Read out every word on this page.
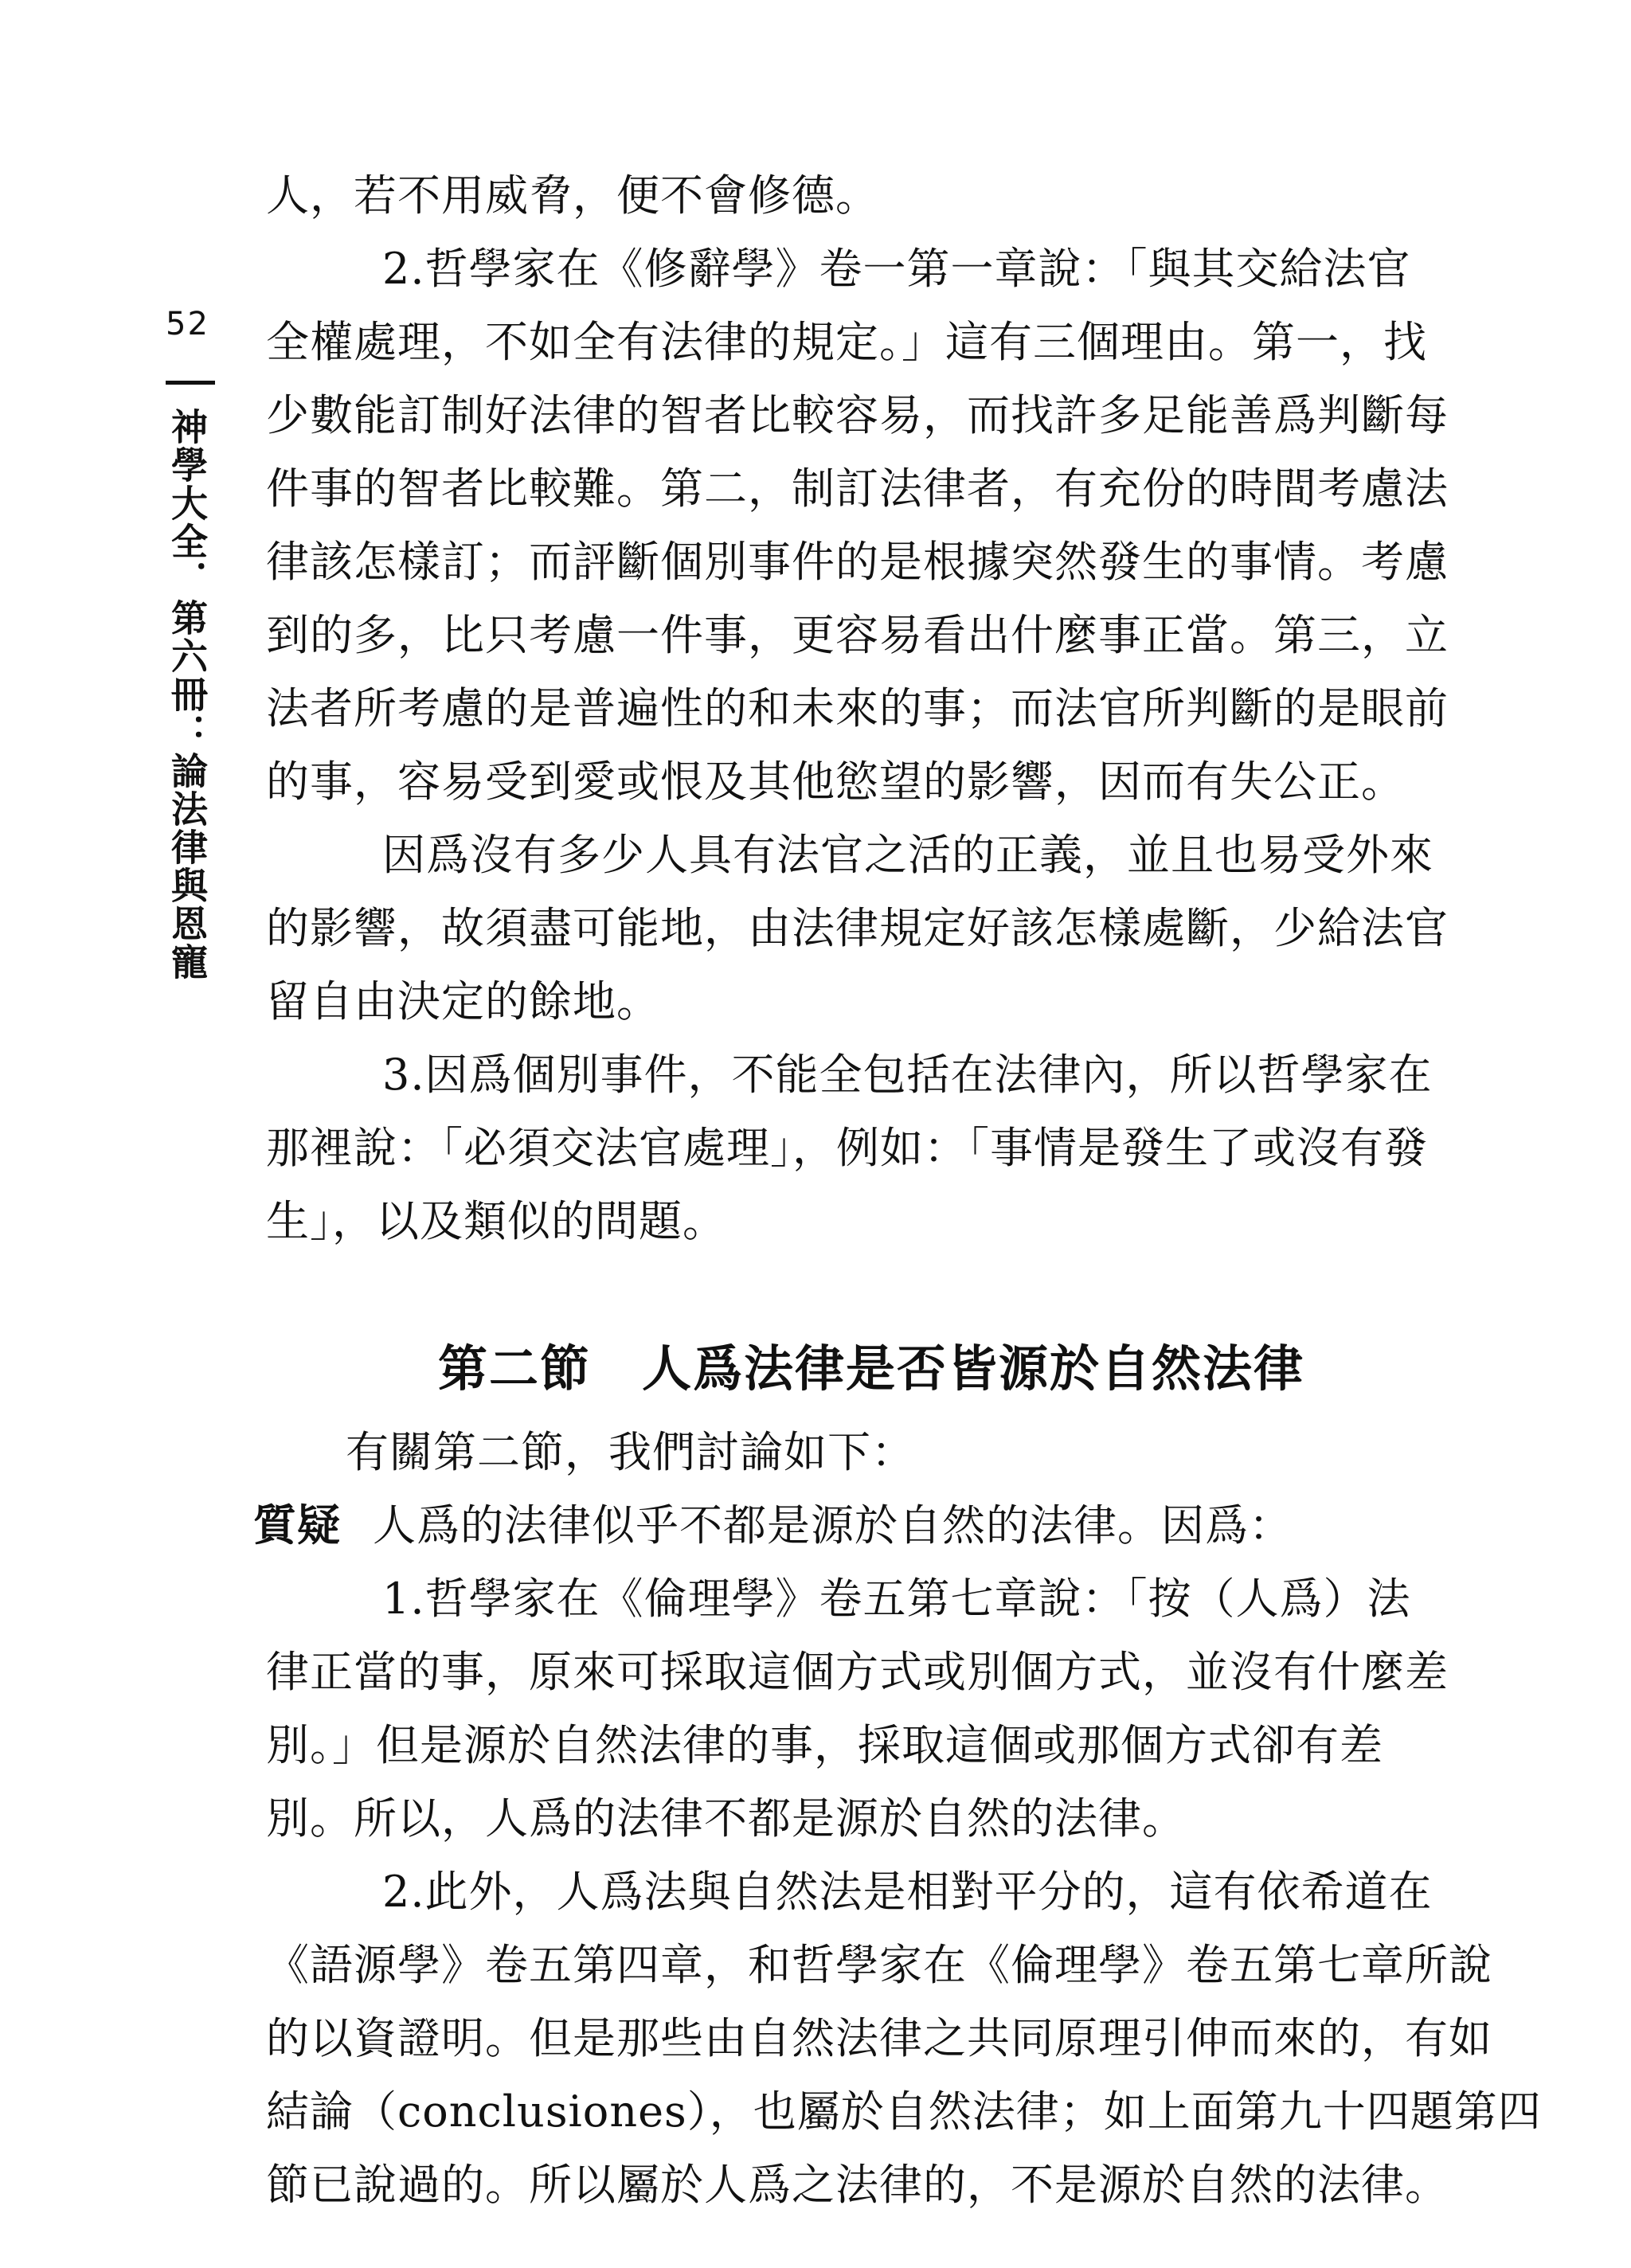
52
神學大全．第六冊：論法律與恩寵
人，若不用威脅，便不會修德。
2.哲學家在《修辭學》卷一第一章說：「與其交給法官
全權處理，不如全有法律的規定。」這有三個理由。第一，找
少數能訂制好法律的智者比較容易，而找許多足能善爲判斷每
件事的智者比較難。第二，制訂法律者，有充份的時間考慮法
律該怎樣訂；而評斷個別事件的是根據突然發生的事情。考慮
到的多，比只考慮一件事，更容易看出什麼事正當。第三，立
法者所考慮的是普遍性的和未來的事；而法官所判斷的是眼前
的事，容易受到愛或恨及其他慾望的影響，因而有失公正。
因爲沒有多少人具有法官之活的正義，並且也易受外來
的影響，故須盡可能地，由法律規定好該怎樣處斷，少給法官
留自由決定的餘地。
3.因爲個別事件，不能全包括在法律內，所以哲學家在
那裡說：「必須交法官處理」，例如：「事情是發生了或沒有發
生」，以及類似的問題。
第二節 人爲法律是否皆源於自然法律
有關第二節，我們討論如下：
質疑 人爲的法律似乎不都是源於自然的法律。因爲：
1.哲學家在《倫理學》卷五第七章說：「按（人爲）法
律正當的事，原來可採取這個方式或別個方式，並沒有什麼差
別。」但是源於自然法律的事，採取這個或那個方式卻有差
別。所以，人爲的法律不都是源於自然的法律。
2.此外，人爲法與自然法是相對平分的，這有依希道在
《語源學》卷五第四章，和哲學家在《倫理學》卷五第七章所說
的以資證明。但是那些由自然法律之共同原理引伸而來的，有如
結論（conclusiones），也屬於自然法律；如上面第九十四題第四
節已說過的。所以屬於人爲之法律的，不是源於自然的法律。
